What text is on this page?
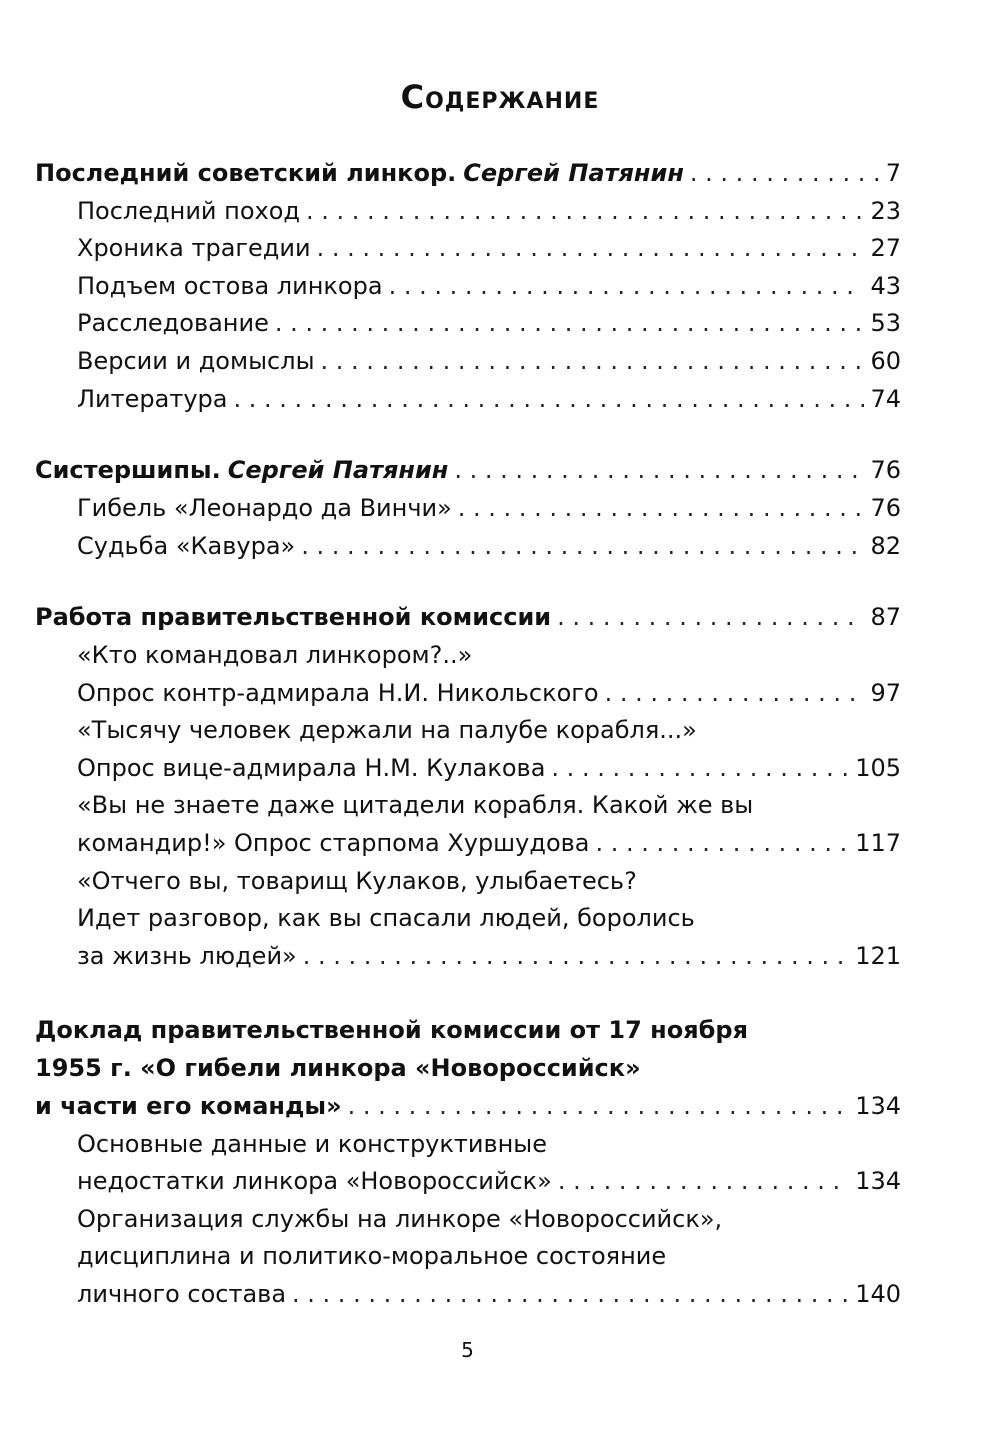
Содержание
Последний советский линкор. Сергей Патянин . . .	7
Последний поход . . .	23
Хроника трагедии . . .	27
Подъем остова линкора . . .	43
Расследование . . .	53
Версии и домыслы . . .	60
Литература . . .	74
Систершипы. Сергей Патянин . . .	76
Гибель «Леонардо да Винчи» . . .	76
Судьба «Кавура» . . .	82
Работа правительственной комиссии . . .	87
«Кто командовал линкором?..»
Опрос контр-адмирала Н.И. Никольского . . .	97
«Тысячу человек держали на палубе корабля...»
Опрос вице-адмирала Н.М. Кулакова . . .	105
«Вы не знаете даже цитадели корабля. Какой же вы
командир!» Опрос старпома Хуршудова . . .	117
«Отчего вы, товарищ Кулаков, улыбаетесь?
Идет разговор, как вы спасали людей, боролись
за жизнь людей» . . .	121
Доклад правительственной комиссии от 17 ноября
1955 г. «О гибели линкора «Новороссийск»
и части его команды» . . .	134
Основные данные и конструктивные
недостатки линкора «Новороссийск» . . .	134
Организация службы на линкоре «Новороссийск»,
дисциплина и политико-моральное состояние
личного состава . . .	140
5
